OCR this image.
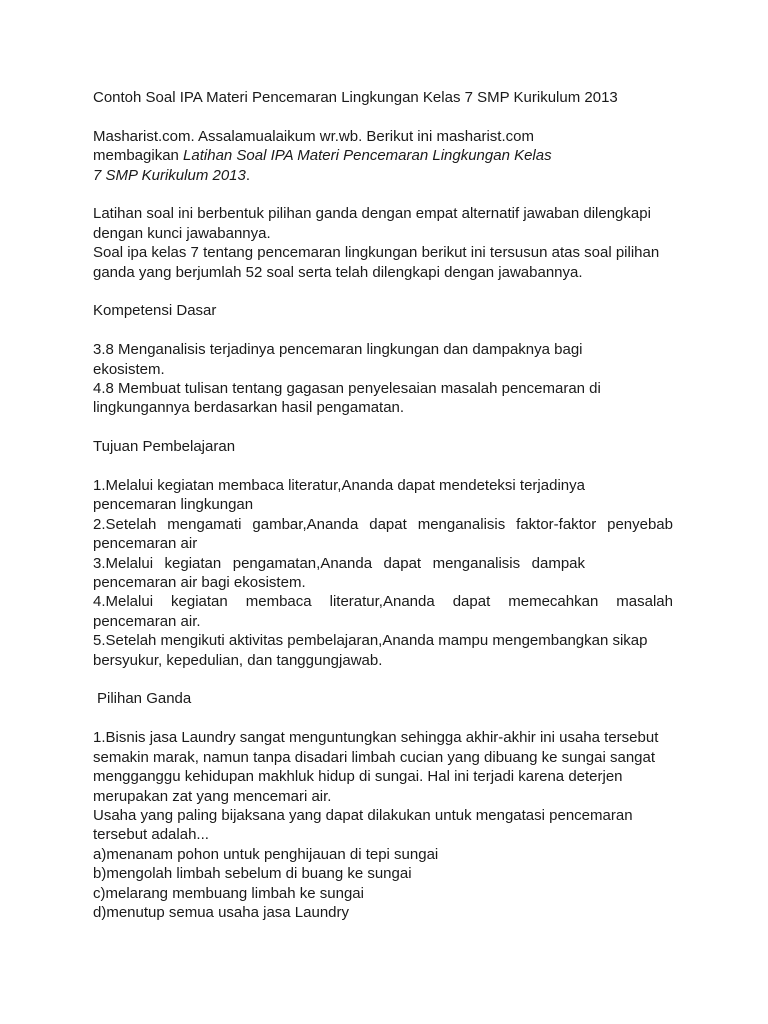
Contoh Soal IPA Materi Pencemaran Lingkungan Kelas 7 SMP Kurikulum 2013

Masharist.com. Assalamualaikum wr.wb. Berikut ini masharist.com membagikan Latihan Soal IPA Materi Pencemaran Lingkungan Kelas 7 SMP Kurikulum 2013.

Latihan soal ini berbentuk pilihan ganda dengan empat alternatif jawaban dilengkapi dengan kunci jawabannya.

Soal ipa kelas 7 tentang pencemaran lingkungan berikut ini tersusun atas soal pilihan ganda yang berjumlah 52 soal serta telah dilengkapi dengan jawabannya.

Kompetensi Dasar

3.8 Menganalisis terjadinya pencemaran lingkungan dan dampaknya bagi ekosistem.

4.8 Membuat tulisan tentang gagasan penyelesaian masalah pencemaran di lingkungannya berdasarkan hasil pengamatan.

Tujuan Pembelajaran

1.Melalui kegiatan membaca literatur,Ananda dapat mendeteksi terjadinya pencemaran lingkungan

2.Setelah mengamati gambar,Ananda dapat menganalisis faktor-faktor penyebab pencemaran air

3.Melalui kegiatan pengamatan,Ananda dapat menganalisis dampak pencemaran air bagi ekosistem.

4.Melalui kegiatan membaca literatur,Ananda dapat memecahkan masalah pencemaran air.

5.Setelah mengikuti aktivitas pembelajaran,Ananda mampu mengembangkan sikap bersyukur, kepedulian, dan tanggungjawab.

Pilihan Ganda

1.Bisnis jasa Laundry sangat menguntungkan sehingga akhir-akhir ini usaha tersebut semakin marak, namun tanpa disadari limbah cucian yang dibuang ke sungai sangat mengganggu kehidupan makhluk hidup di sungai. Hal ini terjadi karena deterjen merupakan zat yang mencemari air.

Usaha yang paling bijaksana yang dapat dilakukan untuk mengatasi pencemaran tersebut adalah...

a)menanam pohon untuk penghijauan di tepi sungai

b)mengolah limbah sebelum di buang ke sungai

c)melarang membuang limbah ke sungai

d)menutup semua usaha jasa Laundry
